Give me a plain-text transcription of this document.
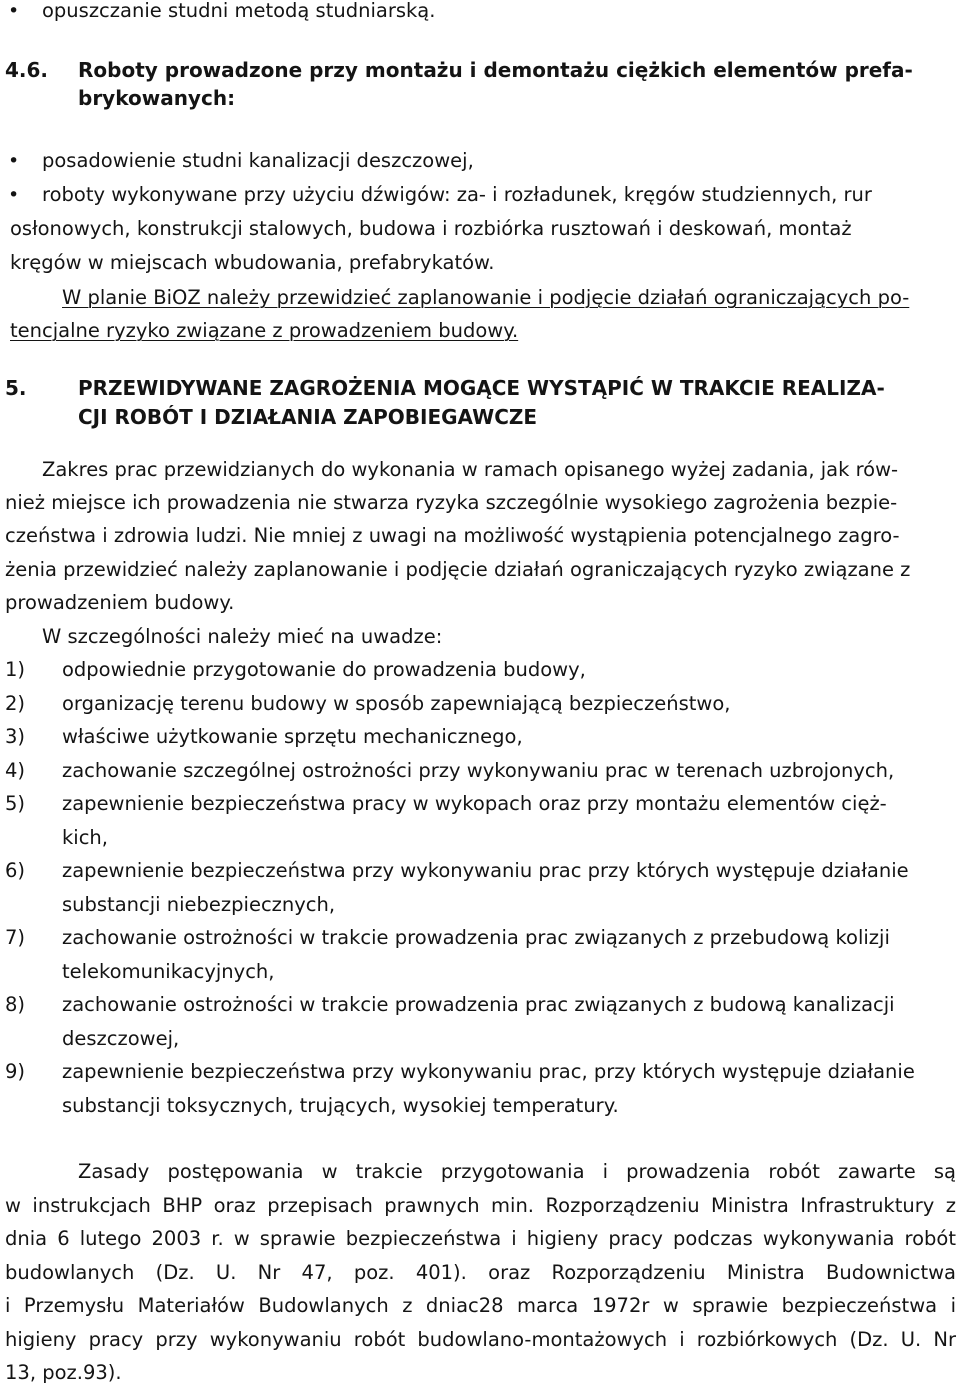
• opuszczanie studni metodą studniarską.
4.6. Roboty prowadzone przy montażu i demontażu ciężkich elementów prefa-
brykowanych:
• posadowienie studni kanalizacji deszczowej,
• roboty wykonywane przy użyciu dźwigów: za- i rozładunek, kręgów studziennych, rur
osłonowych, konstrukcji stalowych, budowa i rozbiórka rusztowań i deskowań, montaż
kręgów w miejscach wbudowania, prefabrykatów.
W planie BiOZ należy przewidzieć zaplanowanie i podjęcie działań ograniczających po-
tencjalne ryzyko związane z prowadzeniem budowy.
5.	PRZEWIDYWANE ZAGROŻENIA MOGĄCE WYSTĄPIĆ W TRAKCIE REALIZA-
CJI ROBÓT I DZIAŁANIA ZAPOBIEGAWCZE
Zakres prac przewidzianych do wykonania w ramach opisanego wyżej zadania, jak rów-
nież miejsce ich prowadzenia nie stwarza ryzyka szczególnie wysokiego zagrożenia bezpie-
czeństwa i zdrowia ludzi. Nie mniej z uwagi na możliwość wystąpienia potencjalnego zagro-
żenia przewidzieć należy zaplanowanie i podjęcie działań ograniczających ryzyko związane z
prowadzeniem budowy.
W szczególności należy mieć na uwadze:
1) odpowiednie przygotowanie do prowadzenia budowy,
2) organizację terenu budowy w sposób zapewniającą bezpieczeństwo,
3) właściwe użytkowanie sprzętu mechanicznego,
4) zachowanie szczególnej ostrożności przy wykonywaniu prac w terenach uzbrojonych,
5) zapewnienie bezpieczeństwa pracy w wykopach oraz przy montażu elementów cięż-
kich,
6) zapewnienie bezpieczeństwa przy wykonywaniu prac przy których występuje działanie
substancji niebezpiecznych,
7) zachowanie ostrożności w trakcie prowadzenia prac związanych z przebudową kolizji
telekomunikacyjnych,
8) zachowanie ostrożności w trakcie prowadzenia prac związanych z budową kanalizacji
deszczowej,
9) zapewnienie bezpieczeństwa przy wykonywaniu prac, przy których występuje działanie
substancji toksycznych, trujących, wysokiej temperatury.
Zasady postępowania w trakcie przygotowania i prowadzenia robót zawarte są
w instrukcjach BHP oraz przepisach prawnych min. Rozporządzeniu Ministra Infrastruktury z
dnia 6 lutego 2003 r. w sprawie bezpieczeństwa i higieny pracy podczas wykonywania robót
budowlanych (Dz. U. Nr 47, poz. 401). oraz Rozporządzeniu Ministra Budownictwa
i Przemysłu Materiałów Budowlanych z dniac28 marca 1972r w sprawie bezpieczeństwa i
higieny pracy przy wykonywaniu robót budowlano-montażowych i rozbiórkowych (Dz. U. Nr
13, poz.93).
